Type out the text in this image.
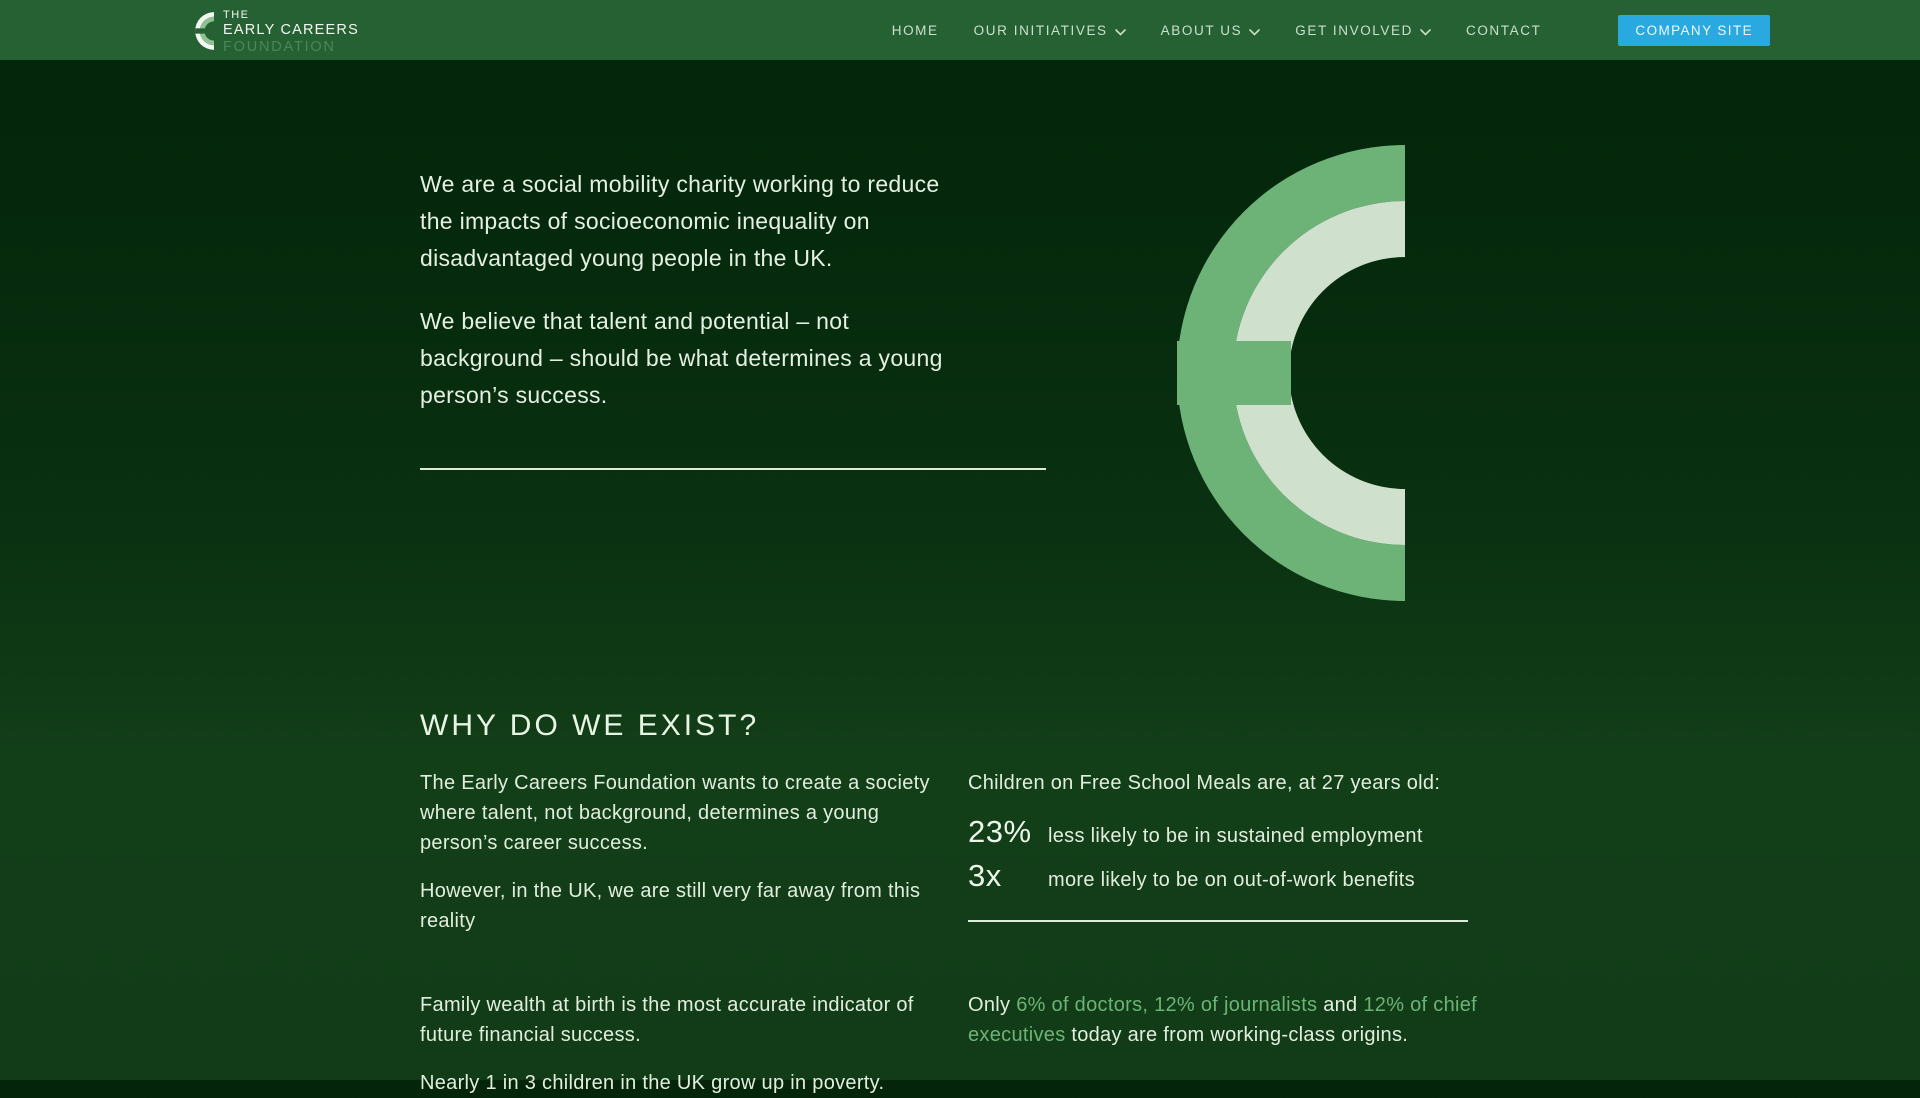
THE
EARLY CAREERS
FOUNDATION
HOME	OUR INITIATIVES	ABOUT US	GET INVOLVED	CONTACT	COMPANY SITE

We are a social mobility charity working to reduce the impacts of socioeconomic inequality on disadvantaged young people in the UK.

We believe that talent and potential – not background – should be what determines a young person’s success.

WHY DO WE EXIST?

The Early Careers Foundation wants to create a society where talent, not background, determines a young person’s career success.

However, in the UK, we are still very far away from this reality

Children on Free School Meals are, at 27 years old:

23% less likely to be in sustained employment
3x	more likely to be on out-of-work benefits

Family wealth at birth is the most accurate indicator of future financial success.

Nearly 1 in 3 children in the UK grow up in poverty.

Only 6% of doctors, 12% of journalists and 12% of chief executives today are from working-class origins.
